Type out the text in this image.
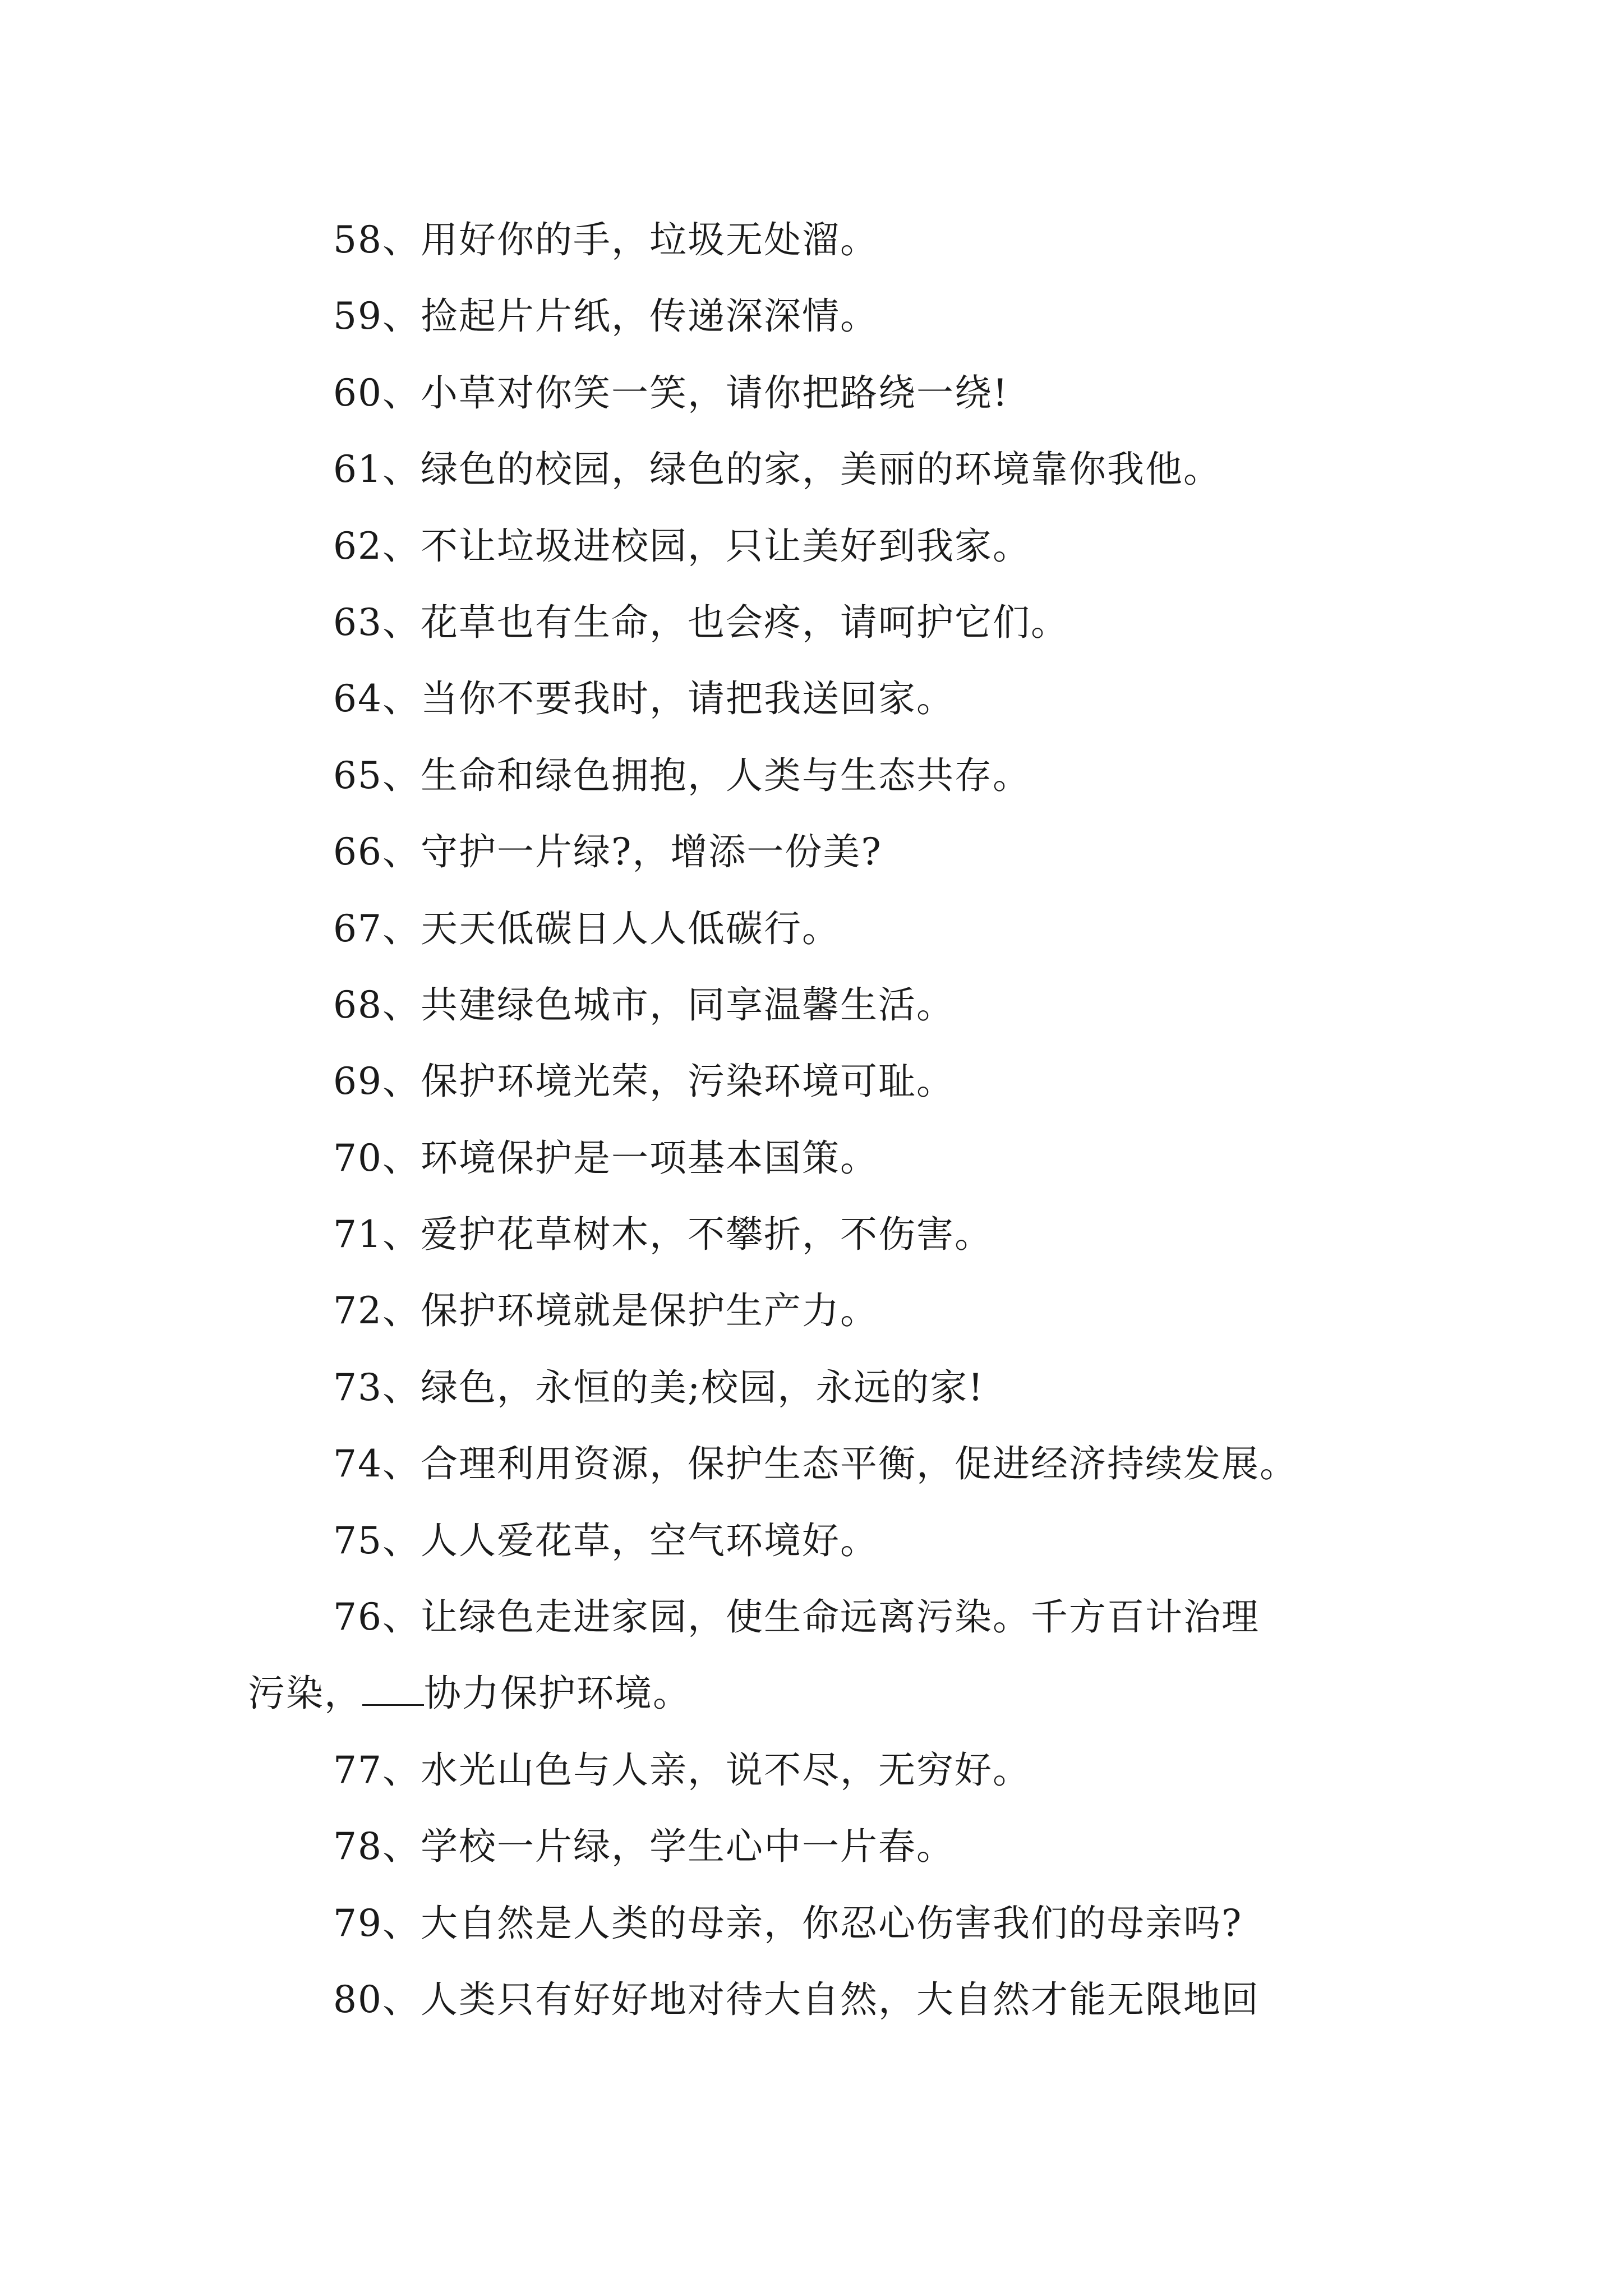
58、用好你的手，垃圾无处溜。
59、捡起片片纸，传递深深情。
60、小草对你笑一笑，请你把路绕一绕!
61、绿色的校园，绿色的家，美丽的环境靠你我他。
62、不让垃圾进校园，只让美好到我家。
63、花草也有生命，也会疼，请呵护它们。
64、当你不要我时，请把我送回家。
65、生命和绿色拥抱，人类与生态共存。
66、守护一片绿?，增添一份美?
67、天天低碳日人人低碳行。
68、共建绿色城市，同享温馨生活。
69、保护环境光荣，污染环境可耻。
70、环境保护是一项基本国策。
71、爱护花草树木，不攀折，不伤害。
72、保护环境就是保护生产力。
73、绿色，永恒的美;校园，永远的家!
74、合理利用资源，保护生态平衡，促进经济持续发展。
75、人人爱花草，空气环境好。
76、让绿色走进家园，使生命远离污染。千方百计治理
污染， 协力保护环境。
77、水光山色与人亲，说不尽，无穷好。
78、学校一片绿，学生心中一片春。
79、大自然是人类的母亲，你忍心伤害我们的母亲吗?
80、人类只有好好地对待大自然，大自然才能无限地回
